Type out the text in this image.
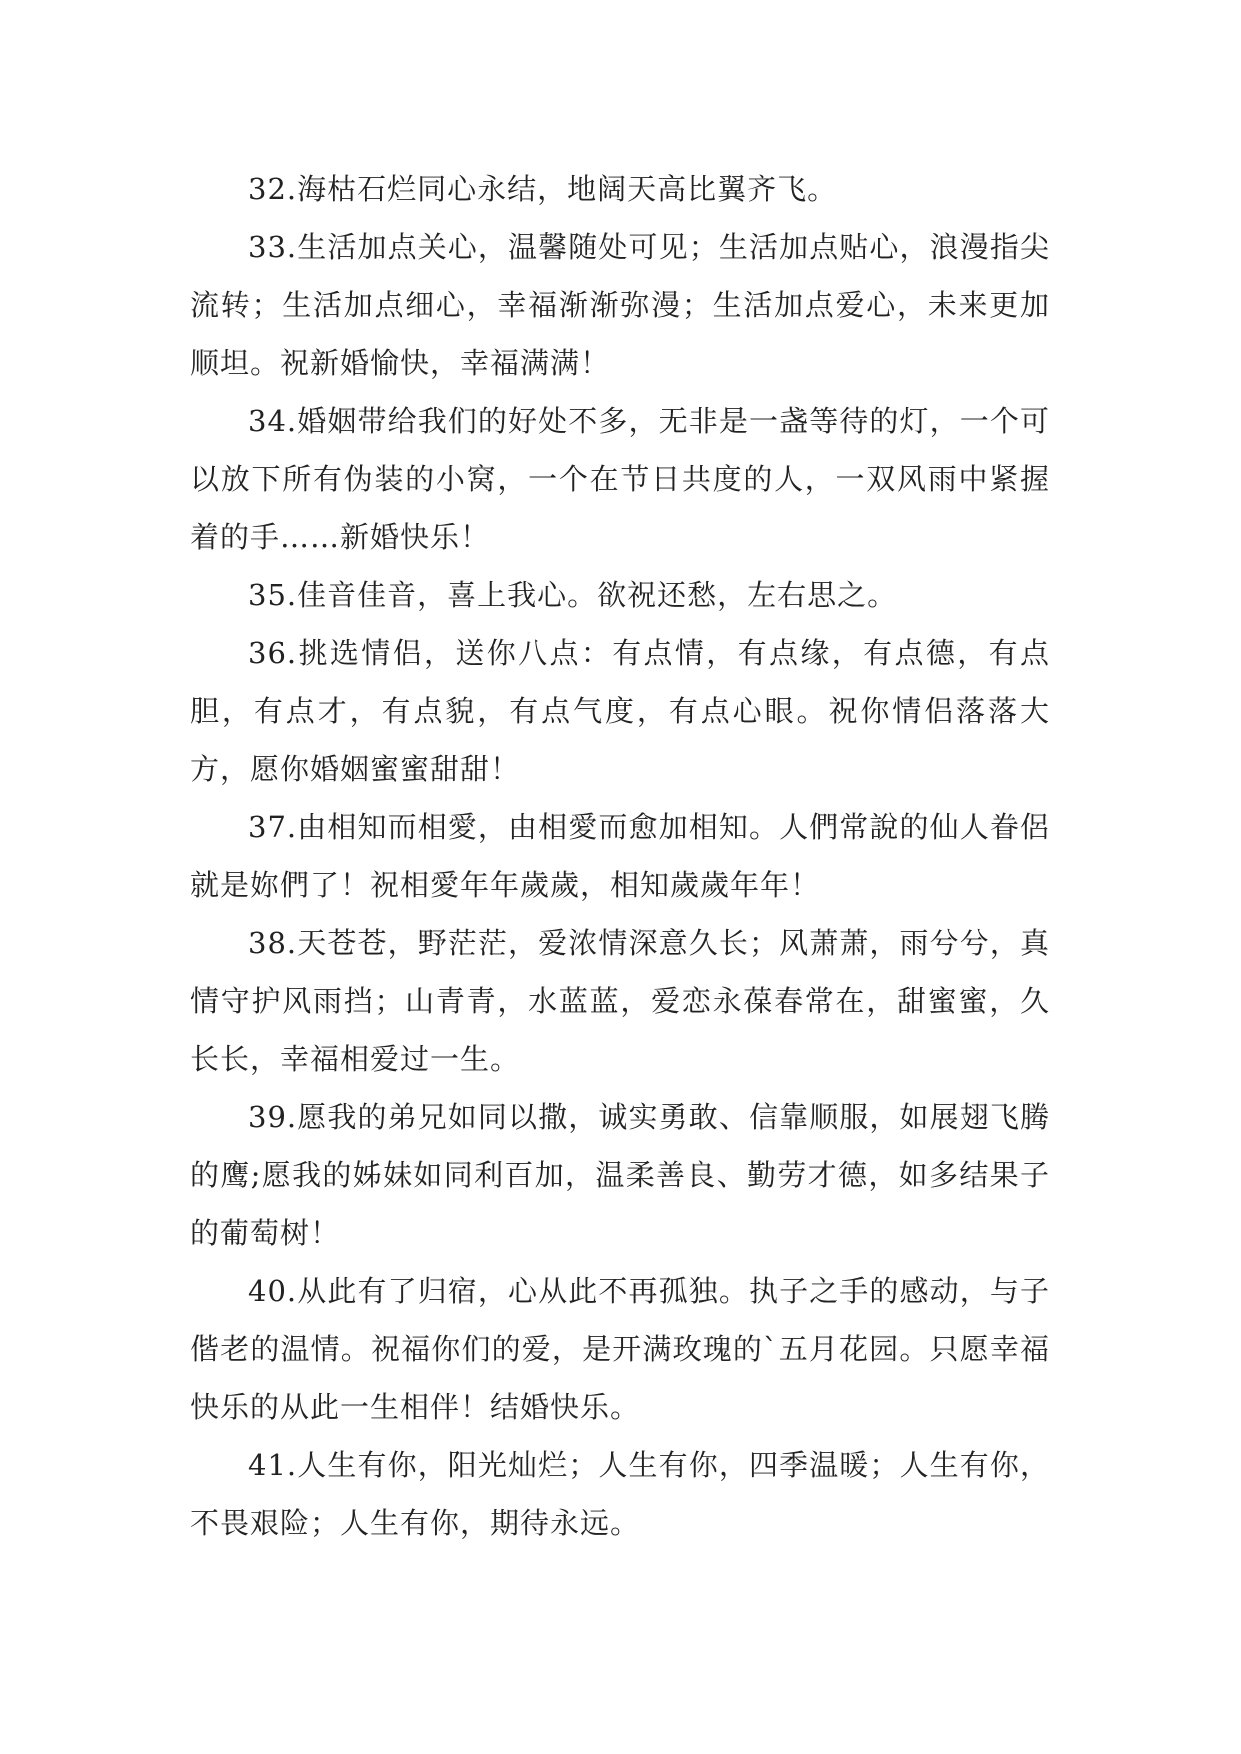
32.海枯石烂同心永结，地阔天高比翼齐飞。

33.生活加点关心，温馨随处可见；生活加点贴心，浪漫指尖流转；生活加点细心，幸福渐渐弥漫；生活加点爱心，未来更加顺坦。祝新婚愉快，幸福满满！

34.婚姻带给我们的好处不多，无非是一盏等待的灯，一个可以放下所有伪装的小窝，一个在节日共度的人，一双风雨中紧握着的手……新婚快乐！

35.佳音佳音，喜上我心。欲祝还愁，左右思之。

36.挑选情侣，送你八点：有点情，有点缘，有点德，有点胆，有点才，有点貌，有点气度，有点心眼。祝你情侣落落大方，愿你婚姻蜜蜜甜甜！

37.由相知而相愛，由相愛而愈加相知。人們常說的仙人眷侶就是妳們了！祝相愛年年歲歲，相知歲歲年年！

38.天苍苍，野茫茫，爱浓情深意久长；风萧萧，雨兮兮，真情守护风雨挡；山青青，水蓝蓝，爱恋永葆春常在，甜蜜蜜，久长长，幸福相爱过一生。

39.愿我的弟兄如同以撒，诚实勇敢、信靠顺服，如展翅飞腾的鹰;愿我的姊妹如同利百加，温柔善良、勤劳才德，如多结果子的葡萄树！

40.从此有了归宿，心从此不再孤独。执子之手的感动，与子偕老的温情。祝福你们的爱，是开满玫瑰的`五月花园。只愿幸福快乐的从此一生相伴！结婚快乐。

41.人生有你，阳光灿烂；人生有你，四季温暖；人生有你，不畏艰险；人生有你，期待永远。
